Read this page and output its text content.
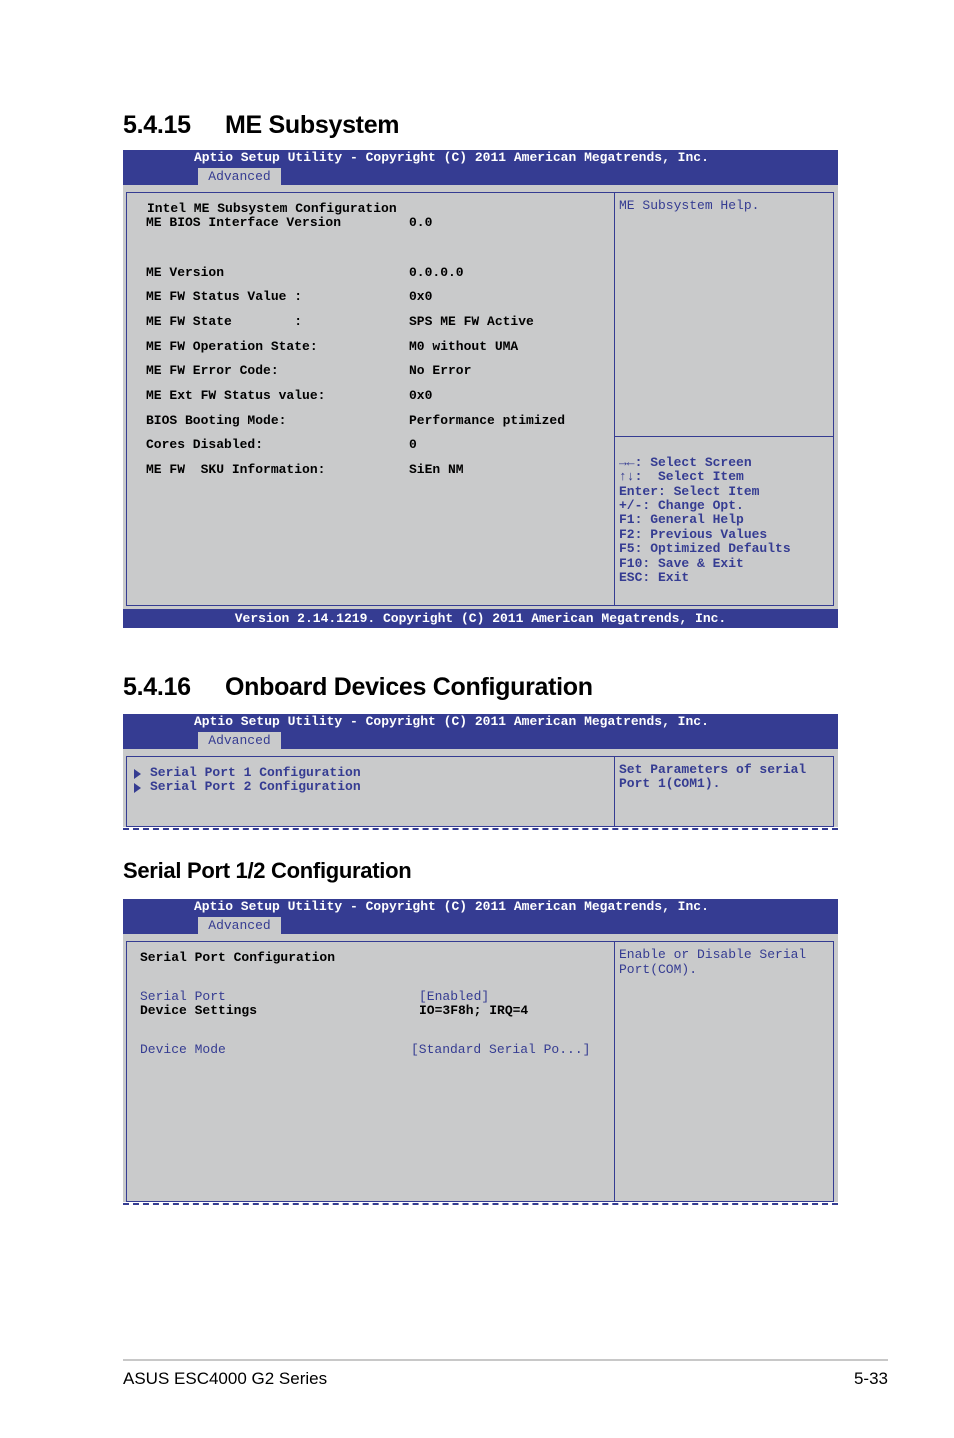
5.4.15 ME Subsystem
Aptio Setup Utility - Copyright (C) 2011 American Megatrends, Inc.
Advanced
Intel ME Subsystem Configuration
ME BIOS Interface Version	0.0
ME Version	0.0.0.0
ME FW Status Value :	0x0
ME FW State        :	SPS ME FW Active
ME FW Operation State:	M0 without UMA
ME FW Error Code:	No Error
ME Ext FW Status value:	0x0
BIOS Booting Mode:	Performance ptimized
Cores Disabled:	0
ME FW  SKU Information:	SiEn NM
ME Subsystem Help.
→←: Select Screen
↑↓:  Select Item
Enter: Select Item
+/-: Change Opt.
F1: General Help
F2: Previous Values
F5: Optimized Defaults
F10: Save & Exit
ESC: Exit
Version 2.14.1219. Copyright (C) 2011 American Megatrends, Inc.
5.4.16 Onboard Devices Configuration
Aptio Setup Utility - Copyright (C) 2011 American Megatrends, Inc.
Advanced
Serial Port 1 Configuration
Serial Port 2 Configuration
Set Parameters of serial
Port 1(COM1).
Serial Port 1/2 Configuration
Aptio Setup Utility - Copyright (C) 2011 American Megatrends, Inc.
Advanced
Serial Port Configuration
Serial Port	[Enabled]
Device Settings	IO=3F8h; IRQ=4
Device Mode	[Standard Serial Po...]
Enable or Disable Serial
Port(COM).
ASUS ESC4000 G2 Series	5-33
